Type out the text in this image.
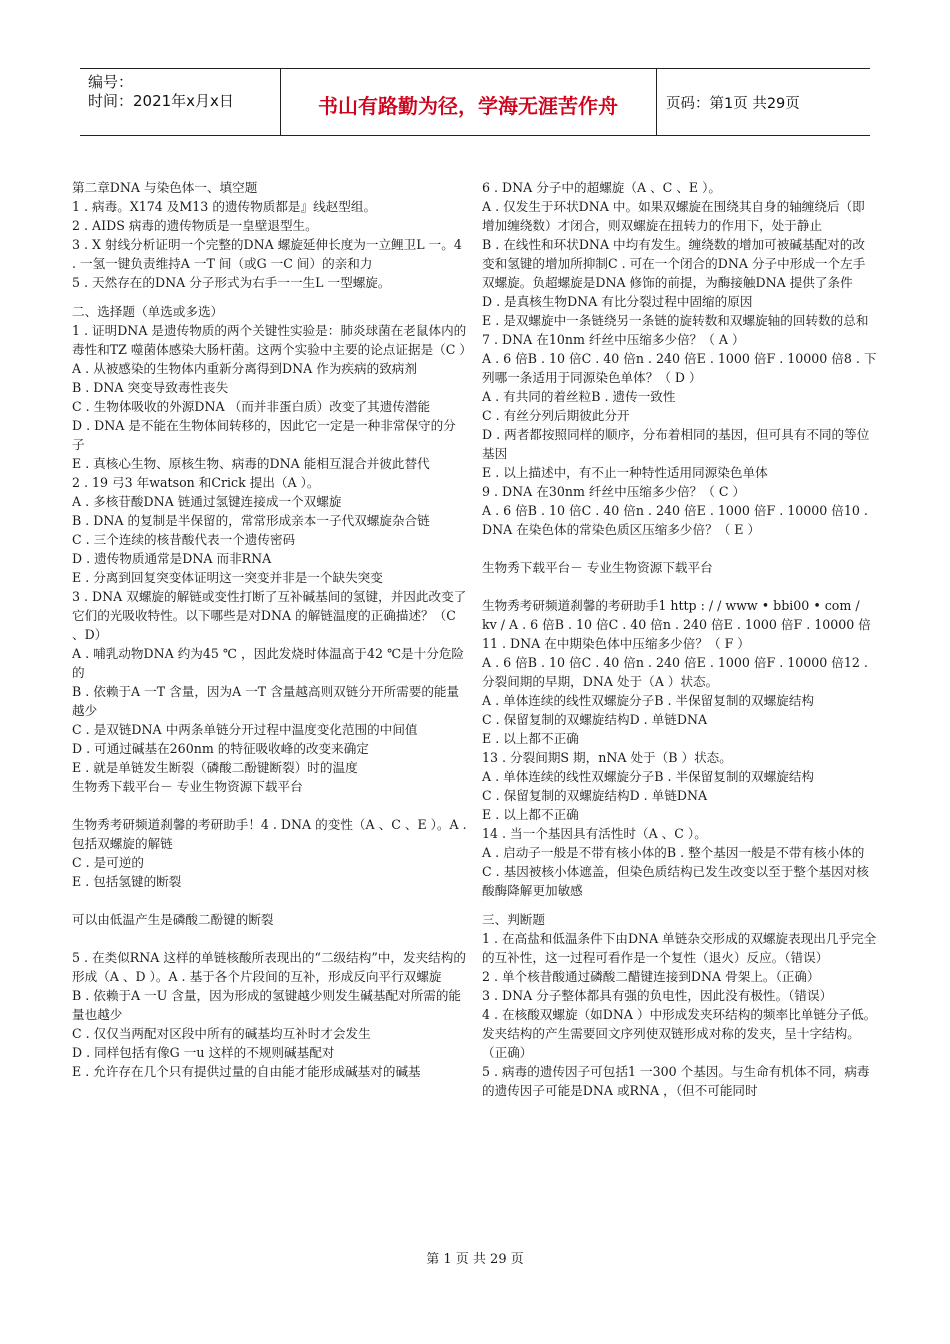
编号：
时间：2021年x月x日	书山有路勤为径，学海无涯苦作舟	页码：第1页 共29页

第二章DNA 与染色体一、填空题

1 . 病毒。X174 及M13 的遗传物质都是』线赵型组。

2 . AIDS 病毒的遗传物质是一皇壁退型生。

3 . X 射线分析证明一个完整的DNA 螺旋延伸长度为一立鲤卫L 一。4 . 一氢一键负责维持A 一T 间（或G 一C 间）的亲和力

5 . 天然存在的DNA 分子形式为右手一一生L 一型螺旋。

二、选择题（单选或多选）

1 . 证明DNA 是遗传物质的两个关键性实验是：肺炎球菌在老鼠体内的毒性和TZ 噬菌体感染大肠杆菌。这两个实验中主要的论点证据是（C ）

A . 从被感染的生物体内重新分离得到DNA 作为疾病的致病剂

B . DNA 突变导致毒性丧失

C . 生物体吸收的外源DNA （而并非蛋白质）改变了其遗传潜能

D . DNA 是不能在生物体间转移的，因此它一定是一种非常保守的分子

E . 真核心生物、原核生物、病毒的DNA 能相互混合并彼此替代

2 . 19 弓3 年watson 和Crick 提出（A ）。

A . 多核苷酸DNA 链通过氢键连接成一个双螺旋

B . DNA 的复制是半保留的，常常形成亲本一子代双螺旋杂合链

C . 三个连续的核昔酸代表一个遗传密码

D . 遗传物质通常是DNA 而非RNA

E . 分离到回复突变体证明这一突变并非是一个缺失突变

3 . DNA 双螺旋的解链或变性打断了互补碱基间的氢键，并因此改变了它们的光吸收特性。以下哪些是对DNA 的解链温度的正确描述？（C 、D）

A . 哺乳动物DNA 约为45 ℃ ，因此发烧时体温高于42 ℃是十分危险的

B . 依赖于A 一T 含量，因为A 一T 含量越高则双链分开所需要的能量越少

C . 是双链DNA 中两条单链分开过程中温度变化范围的中间值

D . 可通过碱基在260nm 的特征吸收峰的改变来确定

E . 就是单链发生断裂（磷酸二酚键断裂）时的温度

生物秀下载平台－ 专业生物资源下载平台

生物秀考研频道刹馨的考研助手！4 . DNA 的变性（A 、C 、E ）。A . 包括双螺旋的解链

C . 是可逆的

E . 包括氢键的断裂

可以由低温产生是磷酸二酚键的断裂

5 . 在类似RNA 这样的单链核酸所表现出的“二级结构”中，发夹结构的形成（A 、D ）。A . 基于各个片段间的互补，形成反向平行双螺旋

B . 依赖于A 一U 含量，因为形成的氢键越少则发生碱基配对所需的能量也越少

C . 仅仅当两配对区段中所有的碱基均互补时才会发生

D . 同样包括有像G 一u 这样的不规则碱基配对

E . 允许存在几个只有提供过量的自由能才能形成碱基对的碱基

6 . DNA 分子中的超螺旋（A 、C 、E ）。

A . 仅发生于环状DNA 中。如果双螺旋在围绕其自身的轴缠绕后（即增加缠绕数）才闭合，则双螺旋在扭转力的作用下，处于静止

B . 在线性和环状DNA 中均有发生。缠绕数的增加可被碱基配对的改变和氢键的增加所抑制C . 可在一个闭合的DNA 分子中形成一个左手双螺旋。负超螺旋是DNA 修饰的前提，为酶接触DNA 提供了条件

D . 是真核生物DNA 有比分裂过程中固缩的原因

E . 是双螺旋中一条链绕另一条链的旋转数和双螺旋轴的回转数的总和

7 . DNA 在10nm 纤丝中压缩多少倍？（ A ）

A . 6 倍B . 10 倍C . 40 倍n . 240 倍E . 1000 倍F . 10000 倍8 . 下列哪一条适用于同源染色单体？（ D ）

A . 有共同的着丝粒B . 遗传一致性

C . 有丝分列后期彼此分开

D . 两者都按照同样的顺序，分布着相同的基因，但可具有不同的等位基因

E . 以上描述中，有不止一种特性适用同源染色单体

9 . DNA 在30nm 纤丝中压缩多少倍？（ C ）

A . 6 倍B . 10 倍C . 40 倍n . 240 倍E . 1000 倍F . 10000 倍10 . DNA 在染色体的常染色质区压缩多少倍？（ E ）

生物秀下载平台－ 专业生物资源下载平台

生物秀考研频道刹馨的考研助手1 http : / / www • bbi00 • com / kv / A . 6 倍B . 10 倍C . 40 倍n . 240 倍E . 1000 倍F . 10000 倍11 . DNA 在中期染色体中压缩多少倍？（ F ）

A . 6 倍B . 10 倍C . 40 倍n . 240 倍E . 1000 倍F . 10000 倍12 . 分裂间期的早期，DNA 处于（A ）状态。

A . 单体连续的线性双螺旋分子B . 半保留复制的双螺旋结构

C . 保留复制的双螺旋结构D . 单链DNA

E . 以上都不正确

13 . 分裂间期S 期，nNA 处于（B ）状态。

A . 单体连续的线性双螺旋分子B . 半保留复制的双螺旋结构

C . 保留复制的双螺旋结构D . 单链DNA

E . 以上都不正确

14 . 当一个基因具有活性时（A 、C ）。

A . 启动子一般是不带有核小体的B . 整个基因一般是不带有核小体的

C . 基因被核小体遮盖，但染色质结构已发生改变以至于整个基因对核酸酶降解更加敏感

三、判断题

1 . 在高盐和低温条件下由DNA 单链杂交形成的双螺旋表现出几乎完全的互补性，这一过程可看作是一个复性（退火）反应。（错误）

2 . 单个核昔酸通过磷酸二醋键连接到DNA 骨架上。（正确）

3 . DNA 分子整体都具有强的负电性，因此没有极性。（错误）

4 . 在核酸双螺旋（如DNA ）中形成发夹环结构的频率比单链分子低。发夹结构的产生需要回文序列使双链形成对称的发夹，呈十字结构。（正确）

5 . 病毒的遗传因子可包括1 一300 个基因。与生命有机体不同，病毒的遗传因子可能是DNA 或RNA ，（但不可能同时

第 1 页 共 29 页
